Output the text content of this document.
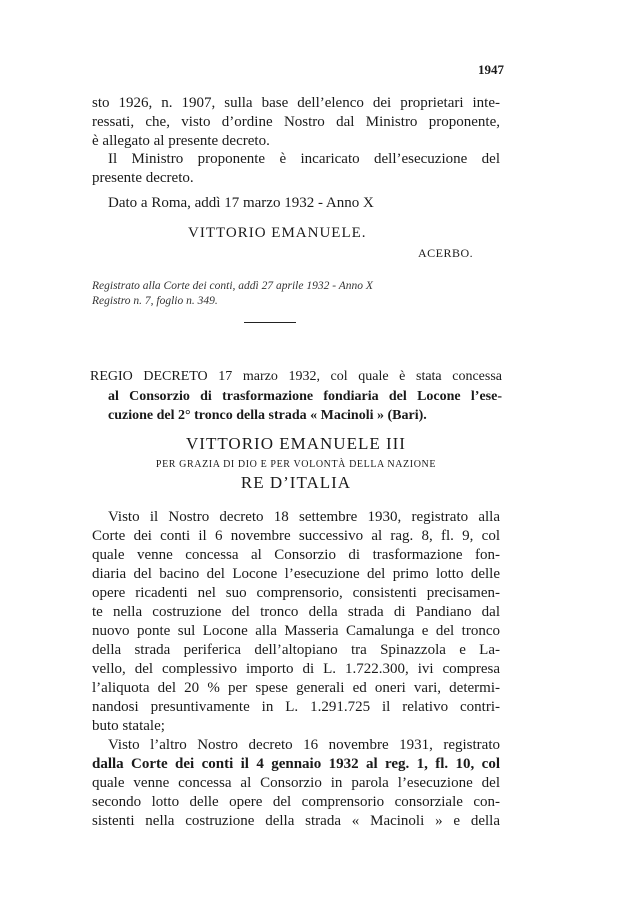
1947
sto 1926, n. 1907, sulla base dell’elenco dei proprietari inte-
ressati, che, visto d’ordine Nostro dal Ministro proponente,
è allegato al presente decreto.
Il Ministro proponente è incaricato dell’esecuzione del
presente decreto.
Dato a Roma, addì 17 marzo 1932 - Anno X
VITTORIO EMANUELE.
ACERBO.
Registrato alla Corte dei conti, addì 27 aprile 1932 - Anno X
Registro n. 7, foglio n. 349.
REGIO DECRETO 17 marzo 1932, col quale è stata concessa
al Consorzio di trasformazione fondiaria del Locone l’ese-
cuzione del 2° tronco della strada « Macinoli » (Bari).
VITTORIO EMANUELE III
PER GRAZIA DI DIO E PER VOLONTÀ DELLA NAZIONE
RE D’ITALIA
Visto il Nostro decreto 18 settembre 1930, registrato alla
Corte dei conti il 6 novembre successivo al rag. 8, fl. 9, col
quale venne concessa al Consorzio di trasformazione fon-
diaria del bacino del Locone l’esecuzione del primo lotto delle
opere ricadenti nel suo comprensorio, consistenti precisamen-
te nella costruzione del tronco della strada di Pandiano dal
nuovo ponte sul Locone alla Masseria Camalunga e del tronco
della strada periferica dell’altopiano tra Spinazzola e La-
vello, del complessivo importo di L. 1.722.300, ivi compresa
l’aliquota del 20 % per spese generali ed oneri vari, determi-
nandosi presuntivamente in L. 1.291.725 il relativo contri-
buto statale;
Visto l’altro Nostro decreto 16 novembre 1931, registrato
dalla Corte dei conti il 4 gennaio 1932 al reg. 1, fl. 10, col
quale venne concessa al Consorzio in parola l’esecuzione del
secondo lotto delle opere del comprensorio consorziale con-
sistenti nella costruzione della strada « Macinoli » e della
